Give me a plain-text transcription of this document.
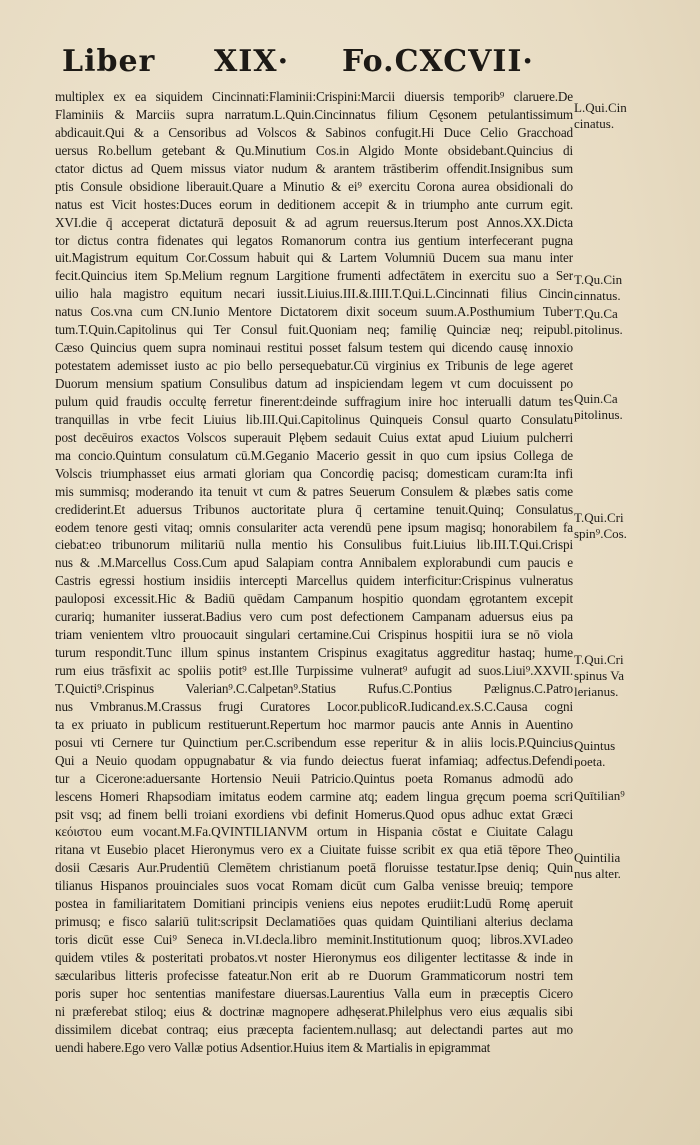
Liber XIX· Fo.CXCVII·
multiplex ex ea siquidem Cincinnati:Flaminii:Crispini:Marcii diuersis temporib⁹ claruere.De
Flaminiis & Marciis supra narratum.L.Quin.Cincinnatus filium Cęsonem petulantissimum
abdicauit.Qui & a Censoribus ad Volscos & Sabinos confugit.Hi Duce Celio Gracchoad
uersus Ro.bellum getebant & Qu.Minutium Cos.in Algido Monte obsidebant.Quincius di
ctator dictus ad Quem missus viator nudum & arantem trāstiberim offendit.Insignibus sum
ptis Consule obsidione liberauit.Quare a Minutio & ei⁹ exercitu Corona aurea obsidionali do
natus est Vicit hostes:Duces eorum in deditionem accepit & in triumpho ante currum egit.
XVI.die q̄ acceperat dictaturā deposuit & ad agrum reuersus.Iterum post Annos.XX.Dicta
tor dictus contra fidenates qui legatos Romanorum contra ius gentium interfecerant pugna
uit.Magistrum equitum Cor.Cossum habuit qui & Lartem Volumniū Ducem sua manu inter
fecit.Quincius item Sp.Melium regnum Largitione frumenti adfectātem in exercitu suo a Ser
uilio hala magistro equitum necari iussit.Liuius.III.&.IIII.T.Qui.L.Cincinnati filius Cincin
natus Cos.vna cum CN.Iunio Mentore Dictatorem dixit soceum suum.A.Posthumium Tuber
tum.T.Quin.Capitolinus qui Ter Consul fuit.Quoniam neq; familię Quinciæ neq; reipubl.
Cæso Quincius quem supra nominaui restitui posset falsum testem qui dicendo causę innoxio
potestatem ademisset iusto ac pio bello persequebatur.Cū virginius ex Tribunis de lege ageret
Duorum mensium spatium Consulibus datum ad inspiciendam legem vt cum docuissent po
pulum quid fraudis occultę ferretur finerent:deinde suffragium inire hoc interualli datum tes
tranquillas in vrbe fecit Liuius lib.III.Qui.Capitolinus Quinqueis Consul quarto Consulatu
post decēuiros exactos Volscos superauit Plębem sedauit Cuius extat apud Liuium pulcherri
ma concio.Quintum consulatum cū.M.Geganio Macerio gessit in quo cum ipsius Collega de
Volscis triumphasset eius armati gloriam qua Concordię pacisq; domesticam curam:Ita infi
mis summisq; moderando ita tenuit vt cum & patres Seuerum Consulem & plæbes satis come
crediderint.Et aduersus Tribunos auctoritate plura q̄ certamine tenuit.Quinq; Consulatus
eodem tenore gesti vitaq; omnis consulariter acta verendū pene ipsum magisq; honorabilem fa
ciebat:eo tribunorum militariū nulla mentio his Consulibus fuit.Liuius lib.III.T.Qui.Crispi
nus & .M.Marcellus Coss.Cum apud Salapiam contra Annibalem explorabundi cum paucis e
Castris egressi hostium insidiis intercepti Marcellus quidem interficitur:Crispinus vulneratus
pauloposi excessit.Hic & Badiū quēdam Campanum hospitio quondam ęgrotantem excepit
curariq; humaniter iusserat.Badius vero cum post defectionem Campanam aduersus eius pa
triam venientem vltro prouocauit singulari certamine.Cui Crispinus hospitii iura se nō viola
turum respondit.Tunc illum spinus instantem Crispinus exagitatus aggreditur hastaq; hume
rum eius trāsfixit ac spoliis potit⁹ est.Ille Turpissime vulnerat⁹ aufugit ad suos.Liui⁹.XXVII.
T.Quicti⁹.Crispinus Valerian⁹.C.Calpetan⁹.Statius Rufus.C.Pontius Pælignus.C.Patro
nus Vmbranus.M.Crassus frugi Curatores Locor.publicoR.Iudicand.ex.S.C.Causa cogni
ta ex priuato in publicum restituerunt.Repertum hoc marmor paucis ante Annis in Auentino
posui vti Cernere tur Quinctium per.C.scribendum esse reperitur & in aliis locis.P.Quincius
Qui a Neuio quodam oppugnabatur & via fundo deiectus fuerat infamiaq; adfectus.Defendi
tur a Cicerone:aduersante Hortensio Neuii Patricio.Quintus poeta Romanus admodū ado
lescens Homeri Rhapsodiam imitatus eodem carmine atq; eadem lingua gręcum poema scri
psit vsq; ad finem belli troiani exordiens vbi definit Homerus.Quod opus adhuc extat Græci
κεόιστου eum vocant.M.Fa.QVINTILIANVM ortum in Hispania cōstat e Ciuitate Calagu
ritana vt Eusebio placet Hieronymus vero ex a Ciuitate fuisse scribit ex qua etiā tēpore Theo
dosii Cæsaris Aur.Prudentiū Clemētem christianum poetā floruisse testatur.Ipse deniq; Quin
tilianus Hispanos prouinciales suos vocat Romam dicūt cum Galba venisse breuiq; tempore
postea in familiaritatem Domitiani principis veniens eius nepotes erudiit:Ludū Romę aperuit
primusq; e fisco salariū tulit:scripsit Declamatiōes quas quidam Quintiliani alterius declama
toris dicūt esse Cui⁹ Seneca in.VI.decla.libro meminit.Institutionum quoq; libros.XVI.adeo
quidem vtiles & posteritati probatos.vt noster Hieronymus eos diligenter lectitasse & inde in
sæcularibus litteris profecisse fateatur.Non erit ab re Duorum Grammaticorum nostri tem
poris super hoc sententias manifestare diuersas.Laurentius Valla eum in præceptis Cicero
ni præferebat stiloq; eius & doctrinæ magnopere adhęserat.Philelphus vero eius æqualis sibi
dissimilem dicebat contraq; eius præcepta facientem.nullasq; aut delectandi partes aut mo
uendi habere.Ego vero Vallæ potius Adsentior.Huius item & Martialis in epigrammat
L.Qui.Cin
cinatus.
T.Qu.Cin
cinnatus.
T.Qu.Ca
pitolinus.
Quin.Ca
pitolinus.
T.Qui.Cri
spin⁹.Cos.
T.Qui.Cri
spinus Va
lerianus.
Quintus
poeta.
Quītilian⁹
Quintilia
nus alter.
